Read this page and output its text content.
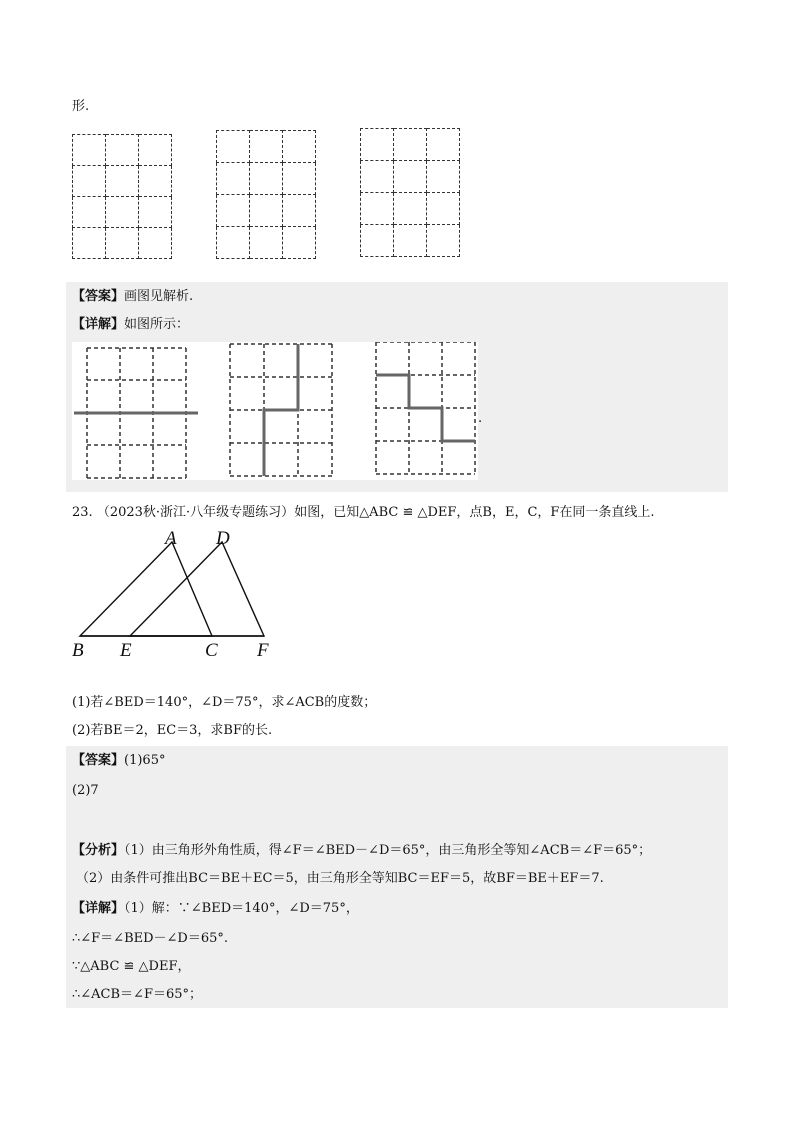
形.

【答案】画图见解析.
【详解】如图所示：
.
23. （2023秋·浙江·八年级专题练习）如图，已知△ABC ≌ △DEF，点B，E，C，F在同一条直线上.
A D
B E	C F
(1)若∠BED＝140°，∠D＝75°，求∠ACB的度数；
(2)若BE＝2，EC＝3，求BF的长.
【答案】(1)65°
(2)7
【分析】（1）由三角形外角性质，得∠F＝∠BED－∠D＝65°，由三角形全等知∠ACB＝∠F＝65°；
（2）由条件可推出BC＝BE＋EC＝5，由三角形全等知BC＝EF＝5，故BF＝BE＋EF＝7.
【详解】（1）解：∵∠BED＝140°，∠D＝75°，
∴∠F＝∠BED－∠D＝65°.
∵△ABC ≌ △DEF，
∴∠ACB＝∠F＝65°；
